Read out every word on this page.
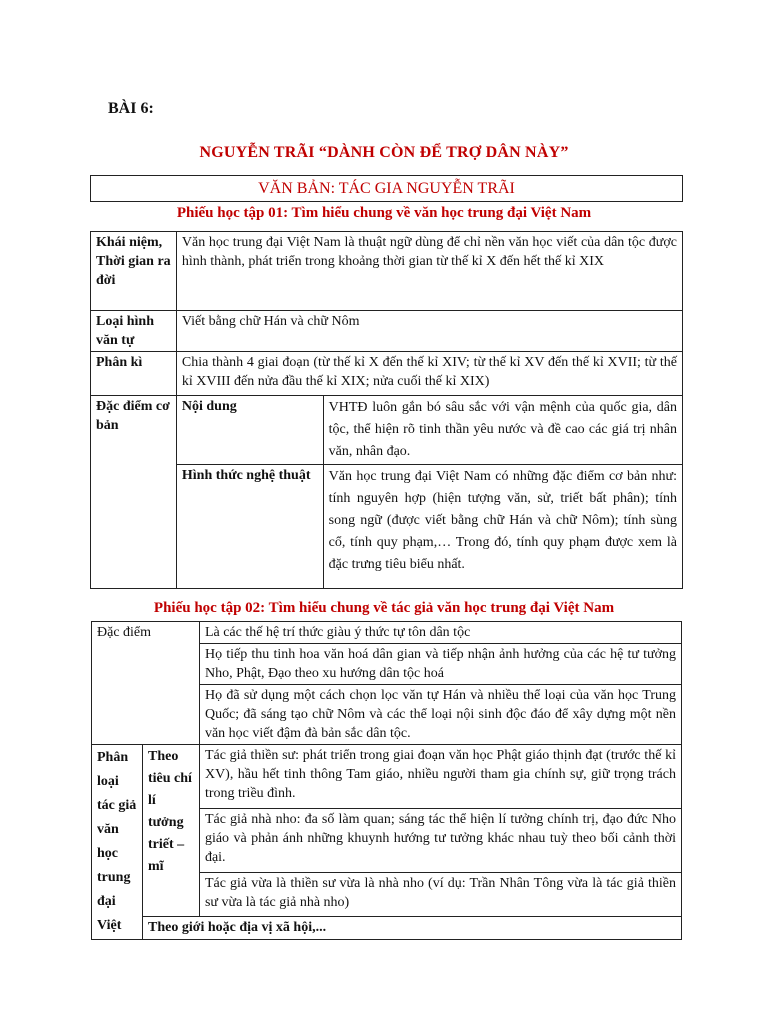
BÀI 6:
NGUYỄN TRÃI “DÀNH CÒN ĐỂ TRỢ DÂN NÀY”
VĂN BẢN: TÁC GIA NGUYỄN TRÃI
Phiếu học tập 01: Tìm hiểu chung về văn học trung đại Việt Nam
Khái niệm, Thời gian ra đời	Văn học trung đại Việt Nam là thuật ngữ dùng để chỉ nền văn học viết của dân tộc được hình thành, phát triển trong khoảng thời gian từ thế kỉ X đến hết thế kỉ XIX	
Loại hình văn tự	Viết bằng chữ Hán và chữ Nôm	
Phân kì	Chia thành 4 giai đoạn (từ thế kỉ X đến thế kỉ XIV; từ thế kỉ XV đến thế kỉ XVII; từ thế kỉ XVIII đến nửa đầu thế kỉ XIX; nửa cuối thế kỉ XIX)	
Đặc điểm cơ bản	Nội dung	VHTĐ luôn gắn bó sâu sắc với vận mệnh của quốc gia, dân tộc, thể hiện rõ tinh thần yêu nước và đề cao các giá trị nhân văn, nhân đạo.
	Hình thức nghệ thuật	Văn học trung đại Việt Nam có những đặc điểm cơ bản như: tính nguyên hợp (hiện tượng văn, sử, triết bất phân); tính song ngữ (được viết bằng chữ Hán và chữ Nôm); tính sùng cổ, tính quy phạm,… Trong đó, tính quy phạm được xem là đặc trưng tiêu biểu nhất.
Phiếu học tập 02: Tìm hiểu chung về tác giả văn học trung đại Việt Nam
Đặc điểm		Là các thế hệ trí thức giàu ý thức tự tôn dân tộc
		Họ tiếp thu tinh hoa văn hoá dân gian và tiếp nhận ảnh hưởng của các hệ tư tưởng Nho, Phật, Đạo theo xu hướng dân tộc hoá
		Họ đã sử dụng một cách chọn lọc văn tự Hán và nhiều thể loại của văn học Trung Quốc; đã sáng tạo chữ Nôm và các thể loại nội sinh độc đáo để xây dựng một nền văn học viết đậm đà bản sắc dân tộc.
Phân loại tác giả văn học trung đại Việt	Theo tiêu chí lí tưởng triết – mĩ	Tác giả thiền sư: phát triển trong giai đoạn văn học Phật giáo thịnh đạt (trước thế kỉ XV), hầu hết tinh thông Tam giáo, nhiều người tham gia chính sự, giữ trọng trách trong triều đình.
		Tác giả nhà nho: đa số làm quan; sáng tác thể hiện lí tưởng chính trị, đạo đức Nho giáo và phản ánh những khuynh hướng tư tưởng khác nhau tuỳ theo bối cảnh thời đại.
		Tác giả vừa là thiền sư vừa là nhà nho (ví dụ: Trần Nhân Tông vừa là tác giả thiền sư vừa là tác giả nhà nho)
	Theo giới hoặc địa vị xã hội,...	
